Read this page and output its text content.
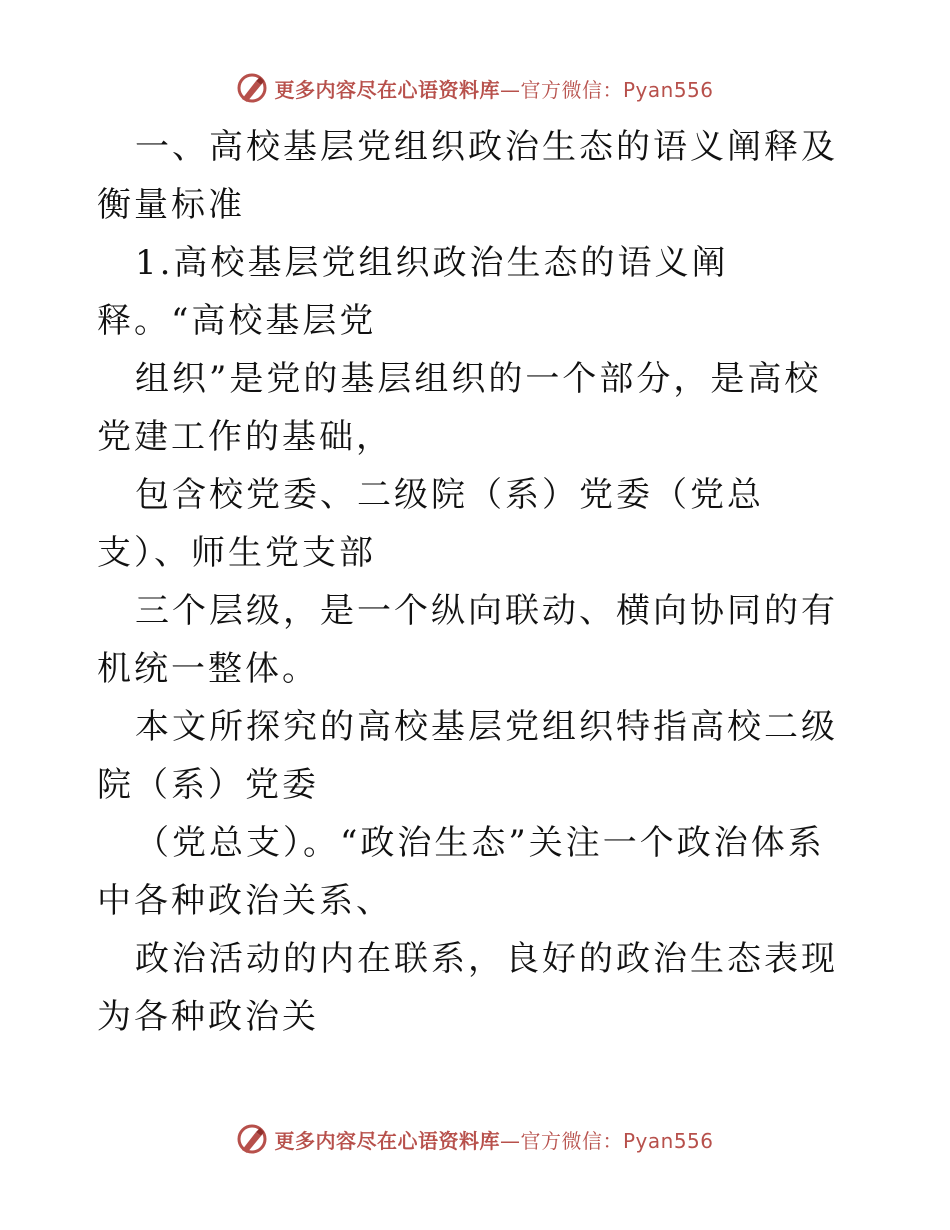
更多内容尽在心语资料库—官方微信：Pyan556

一、高校基层党组织政治生态的语义阐释及衡量标准

1.高校基层党组织政治生态的语义阐释。“高校基层党

组织”是党的基层组织的一个部分，是高校党建工作的基础，

包含校党委、二级院（系）党委（党总支）、师生党支部

三个层级，是一个纵向联动、横向协同的有机统一整体。

本文所探究的高校基层党组织特指高校二级院（系）党委

（党总支）。“政治生态”关注一个政治体系中各种政治关系、

政治活动的内在联系，良好的政治生态表现为各种政治关

更多内容尽在心语资料库—官方微信：Pyan556
